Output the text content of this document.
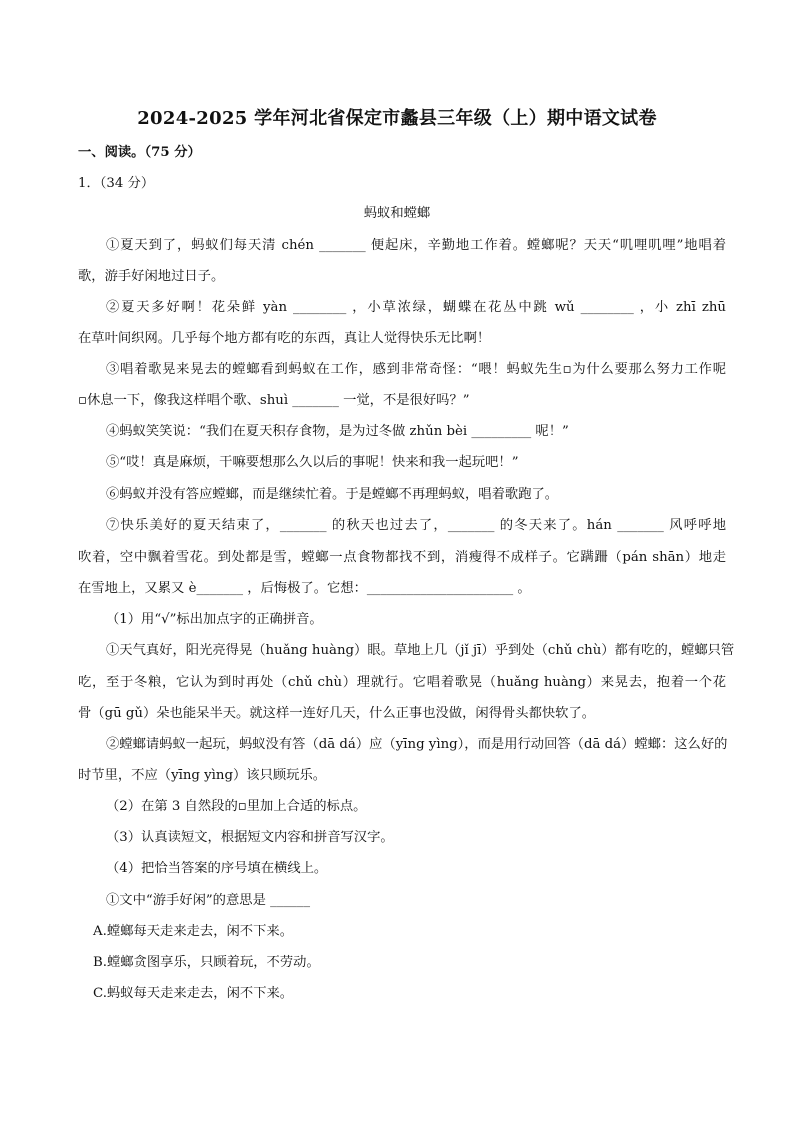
2024-2025 学年河北省保定市蠡县三年级（上）期中语文试卷
一、阅读。（75 分）
1．（34 分）
蚂蚁和螳螂
①夏天到了，蚂蚁们每天清 chén _______ 便起床，辛勤地工作着。螳螂呢？天天“叽哩叽哩”地唱着
歌，游手好闲地过日子。
②夏天多好啊！花朵鲜 yàn ________ ，小草浓绿，蝴蝶在花丛中跳 wǔ ________ ，小 zhī zhū
在草叶间织网。几乎每个地方都有吃的东西，真让人觉得快乐无比啊！
③唱着歌晃来晃去的螳螂看到蚂蚁在工作，感到非常奇怪：“喂！蚂蚁先生▫为什么要那么努力工作呢
▫休息一下，像我这样唱个歌、shuì _______ 一觉，不是很好吗？”
④蚂蚁笑笑说：“我们在夏天积存食物，是为过冬做 zhǔn bèi _________ 呢！”
⑤“哎！真是麻烦，干嘛要想那么久以后的事呢！快来和我一起玩吧！”
⑥蚂蚁并没有答应螳螂，而是继续忙着。于是螳螂不再理蚂蚁，唱着歌跑了。
⑦快乐美好的夏天结束了，_______ 的秋天也过去了，_______ 的冬天来了。hán _______ 风呼呼地
吹着，空中飘着雪花。到处都是雪，螳螂一点食物都找不到，消瘦得不成样子。它蹒跚（pán shān）地走
在雪地上，又累又 è_______ ，后悔极了。它想：______________________ 。
（1）用“√”标出加点字的正确拼音。
①天气真好，阳光亮得晃（huǎng huàng）眼。草地上几（jǐ jī）乎到处（chǔ chù）都有吃的，螳螂只管
吃，至于冬粮，它认为到时再处（chǔ chù）理就行。它唱着歌晃（huǎng huàng）来晃去，抱着一个花
骨（gū gǔ）朵也能呆半天。就这样一连好几天，什么正事也没做，闲得骨头都快软了。
②螳螂请蚂蚁一起玩，蚂蚁没有答（dā dá）应（yīng yìng），而是用行动回答（dā dá）螳螂：这么好的
时节里，不应（yīng yìng）该只顾玩乐。
（2）在第 3 自然段的▫里加上合适的标点。
（3）认真读短文，根据短文内容和拼音写汉字。
（4）把恰当答案的序号填在横线上。
①文中“游手好闲”的意思是 ______
A.螳螂每天走来走去，闲不下来。
B.螳螂贪图享乐，只顾着玩，不劳动。
C.蚂蚁每天走来走去，闲不下来。
